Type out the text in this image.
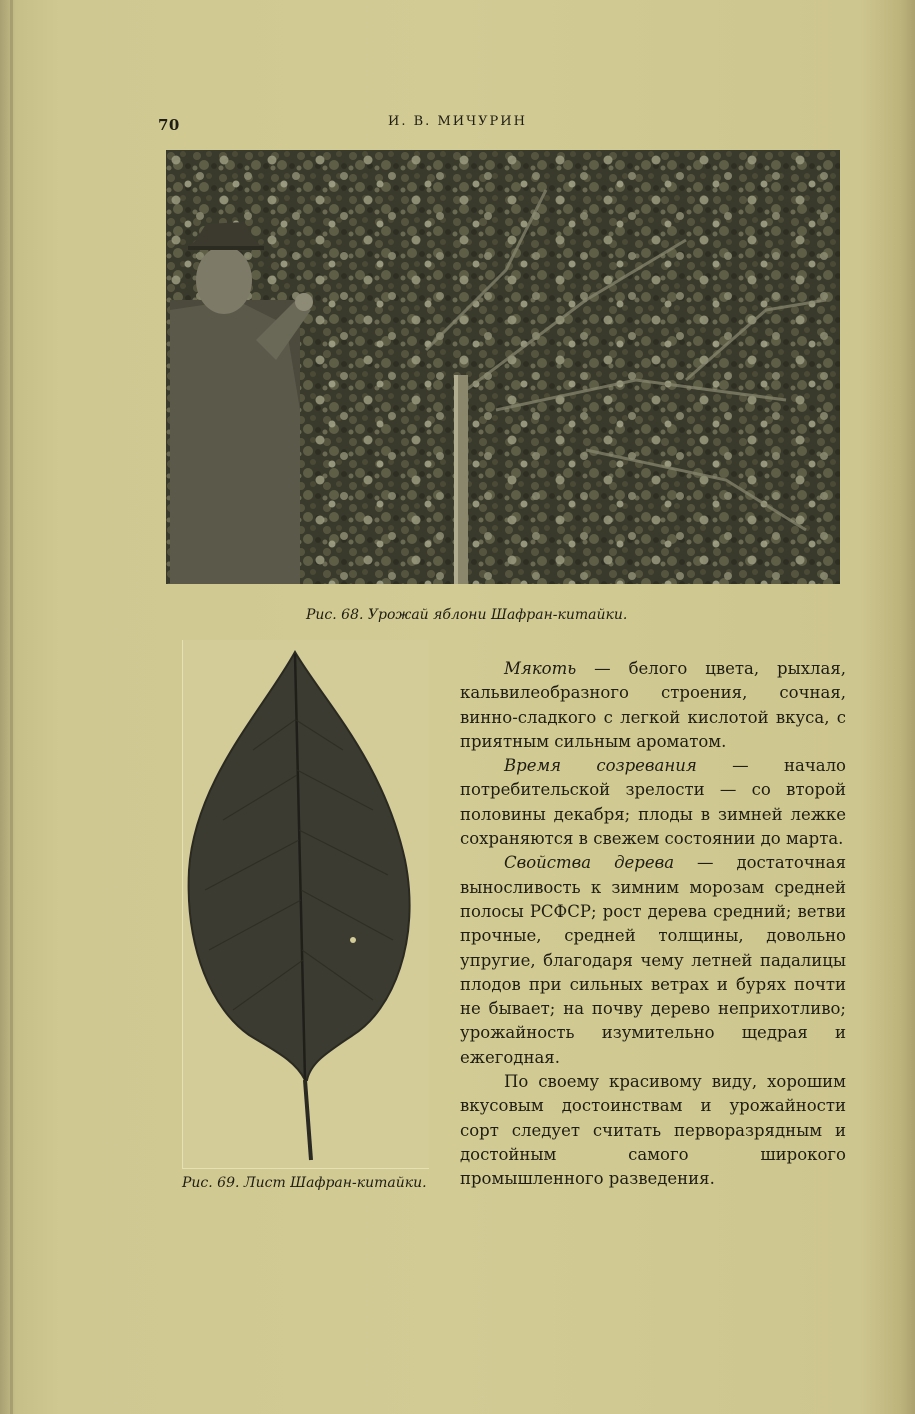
70	И. В. МИЧУРИН
Рис. 68. Урожай яблони Шафран-китайки.
Рис. 69. Лист Шафран-китайки.

Мякоть — белого цвета, рыхлая, кальвилеобразного строения, сочная, винно-сладкого с легкой кислотой вкуса, с приятным сильным ароматом.

Время созревания — начало потребительской зрелости — со второй половины декабря; плоды в зимней лежке сохраняются в свежем состоянии до марта.

Свойства дерева — достаточная выносливость к зимним морозам средней полосы РСФСР; рост дерева средний; ветви прочные, средней толщины, довольно упругие, благодаря чему летней падалицы плодов при сильных ветрах и бурях почти не бывает; на почву дерево неприхотливо; урожайность изумительно щедрая и ежегодная.

По своему красивому виду, хорошим вкусовым достоинствам и урожайности сорт следует считать перворазрядным и достойным самого широкого промышленного разведения.
